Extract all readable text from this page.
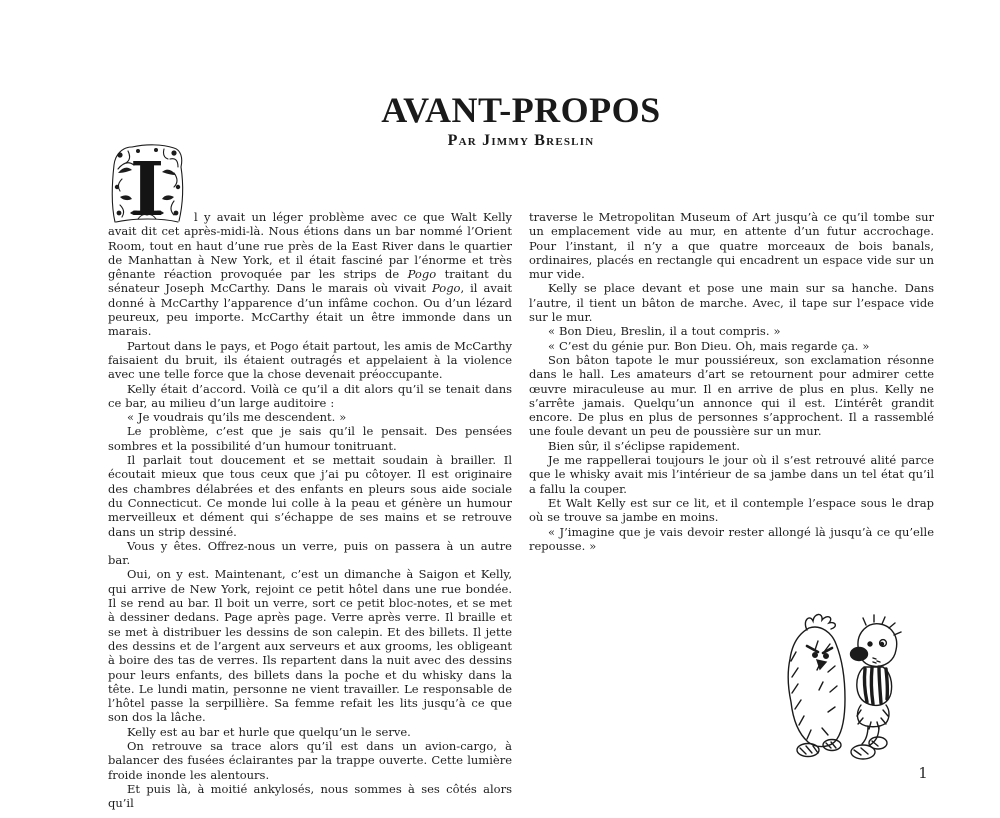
AVANT-PROPOS
Par Jimmy Breslin
I	l y avait un léger problème avec ce que Walt Kelly avait dit cet après-midi-là. Nous étions dans un bar nommé l’Orient Room, tout en haut d’une rue près de la East River dans le quartier de Manhattan à New York, et il était fasciné par l’énorme et très gênante réaction provoquée par les strips de Pogo traitant du sénateur Joseph McCarthy. Dans le marais où vivait Pogo, il avait donné à McCarthy l’apparence d’un infâme cochon. Ou d’un lézard peureux, peu importe. McCarthy était un être immonde dans un marais.

Partout dans le pays, et Pogo était partout, les amis de McCarthy faisaient du bruit, ils étaient outragés et appelaient à la violence avec une telle force que la chose devenait préoccupante.

Kelly était d’accord. Voilà ce qu’il a dit alors qu’il se tenait dans ce bar, au milieu d’un large auditoire :

« Je voudrais qu’ils me descendent. »

Le problème, c’est que je sais qu’il le pensait. Des pensées sombres et la possibilité d’un humour tonitruant.

Il parlait tout doucement et se mettait soudain à brailler. Il écoutait mieux que tous ceux que j’ai pu côtoyer. Il est originaire des chambres délabrées et des enfants en pleurs sous aide sociale du Connecticut. Ce monde lui colle à la peau et génère un humour merveilleux et dément qui s’échappe de ses mains et se retrouve dans un strip dessiné.

Vous y êtes. Offrez-nous un verre, puis on passera à un autre bar.

Oui, on y est. Maintenant, c’est un dimanche à Saigon et Kelly, qui arrive de New York, rejoint ce petit hôtel dans une rue bondée. Il se rend au bar. Il boit un verre, sort ce petit bloc-notes, et se met à dessiner dedans. Page après page. Verre après verre. Il braille et se met à distribuer les dessins de son calepin. Et des billets. Il jette des dessins et de l’argent aux serveurs et aux grooms, les obligeant à boire des tas de verres. Ils repartent dans la nuit avec des dessins pour leurs enfants, des billets dans la poche et du whisky dans la tête. Le lundi matin, personne ne vient travailler. Le responsable de l’hôtel passe la serpillière. Sa femme refait les lits jusqu’à ce que son dos la lâche.

Kelly est au bar et hurle que quelqu’un le serve.

On retrouve sa trace alors qu’il est dans un avion-cargo, à balancer des fusées éclairantes par la trappe ouverte. Cette lumière froide inonde les alentours.

Et puis là, à moitié ankylosés, nous sommes à ses côtés alors qu’il

traverse le Metropolitan Museum of Art jusqu’à ce qu’il tombe sur un emplacement vide au mur, en attente d’un futur accrochage. Pour l’instant, il n’y a que quatre morceaux de bois banals, ordinaires, placés en rectangle qui encadrent un espace vide sur un mur vide.

Kelly se place devant et pose une main sur sa hanche. Dans l’autre, il tient un bâton de marche. Avec, il tape sur l’espace vide sur le mur.

« Bon Dieu, Breslin, il a tout compris. »

« C’est du génie pur. Bon Dieu. Oh, mais regarde ça. »

Son bâton tapote le mur poussiéreux, son exclamation résonne dans le hall. Les amateurs d’art se retournent pour admirer cette œuvre miraculeuse au mur. Il en arrive de plus en plus. Kelly ne s’arrête jamais. Quelqu’un annonce qui il est. L’intérêt grandit encore. De plus en plus de personnes s’approchent. Il a rassemblé une foule devant un peu de poussière sur un mur.

Bien sûr, il s’éclipse rapidement.

Je me rappellerai toujours le jour où il s’est retrouvé alité parce que le whisky avait mis l’intérieur de sa jambe dans un tel état qu’il a fallu la couper.

Et Walt Kelly est sur ce lit, et il contemple l’espace sous le drap où se trouve sa jambe en moins.

« J’imagine que je vais devoir rester allongé là jusqu’à ce qu’elle repousse. »

1
